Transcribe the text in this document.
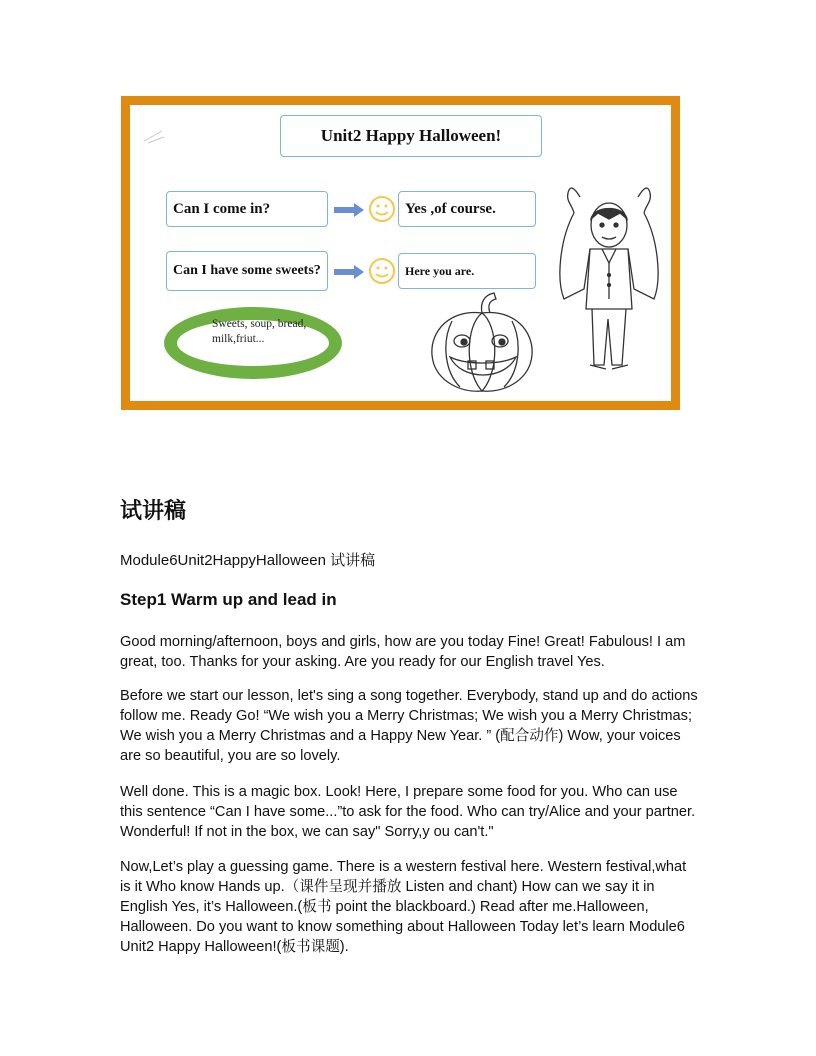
Unit2 Happy Halloween!
Can I come in?	Yes ,of course.
Can I have some sweets?	Here you are.
Sweets, soup, bread, milk,friut...
试讲稿
Module6Unit2HappyHalloween 试讲稿
Step1 Warm up and lead in

Good morning/afternoon, boys and girls, how are you today Fine! Great! Fabulous! I am great, too. Thanks for your asking. Are you ready for our English travel Yes.

Before we start our lesson, let's sing a song together. Everybody, stand up and do actions follow me. Ready Go! “We wish you a Merry Christmas; We wish you a Merry Christmas; We wish you a Merry Christmas and a Happy New Year. ” (配合动作) Wow, your voices are so beautiful, you are so lovely.

Well done. This is a magic box. Look! Here, I prepare some food for you. Who can use this sentence “Can I have some...”to ask for the food. Who can try/Alice and your partner. Wonderful! If not in the box, we can say" Sorry,y ou can't."

Now,Let’s play a guessing game. There is a western festival here. Western festival,what is it Who know Hands up.（课件呈现并播放 Listen and chant) How can we say it in English Yes, it’s Halloween.(板书 point the blackboard.) Read after me.Halloween, Halloween. Do you want to know something about Halloween Today let’s learn Module6 Unit2 Happy Halloween!(板书课题).
